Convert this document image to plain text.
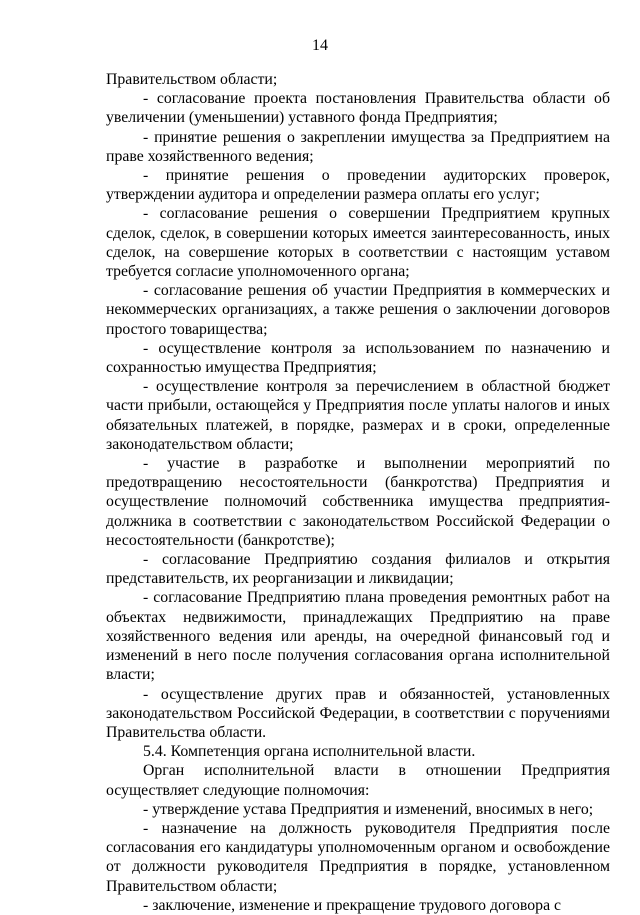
14

Правительством области;

- согласование проекта постановления Правительства области об увеличении (уменьшении) уставного фонда Предприятия;

- принятие решения о закреплении имущества за Предприятием на праве хозяйственного ведения;

- принятие решения о проведении аудиторских проверок, утверждении аудитора и определении размера оплаты его услуг;

- согласование решения о совершении Предприятием крупных сделок, сделок, в совершении которых имеется заинтересованность, иных сделок, на совершение которых в соответствии с настоящим уставом требуется согласие уполномоченного органа;

- согласование решения об участии Предприятия в коммерческих и некоммерческих организациях, а также решения о заключении договоров простого товарищества;

- осуществление контроля за использованием по назначению и сохранностью имущества Предприятия;

- осуществление контроля за перечислением в областной бюджет части прибыли, остающейся у Предприятия после уплаты налогов и иных обязательных платежей, в порядке, размерах и в сроки, определенные законодательством области;

- участие в разработке и выполнении мероприятий по предотвращению несостоятельности (банкротства) Предприятия и осуществление полномочий собственника имущества предприятия-должника в соответствии с законодательством Российской Федерации о несостоятельности (банкротстве);

- согласование Предприятию создания филиалов и открытия представительств, их реорганизации и ликвидации;

- согласование Предприятию плана проведения ремонтных работ на объектах недвижимости, принадлежащих Предприятию на праве хозяйственного ведения или аренды, на очередной финансовый год и изменений в него после получения согласования органа исполнительной власти;

- осуществление других прав и обязанностей, установленных законодательством Российской Федерации, в соответствии с поручениями Правительства области.

5.4. Компетенция органа исполнительной власти.

Орган исполнительной власти в отношении Предприятия осуществляет следующие полномочия:

- утверждение устава Предприятия и изменений, вносимых в него;

- назначение на должность руководителя Предприятия после согласования его кандидатуры уполномоченным органом и освобождение от должности руководителя Предприятия в порядке, установленном Правительством области;

- заключение, изменение и прекращение трудового договора с
